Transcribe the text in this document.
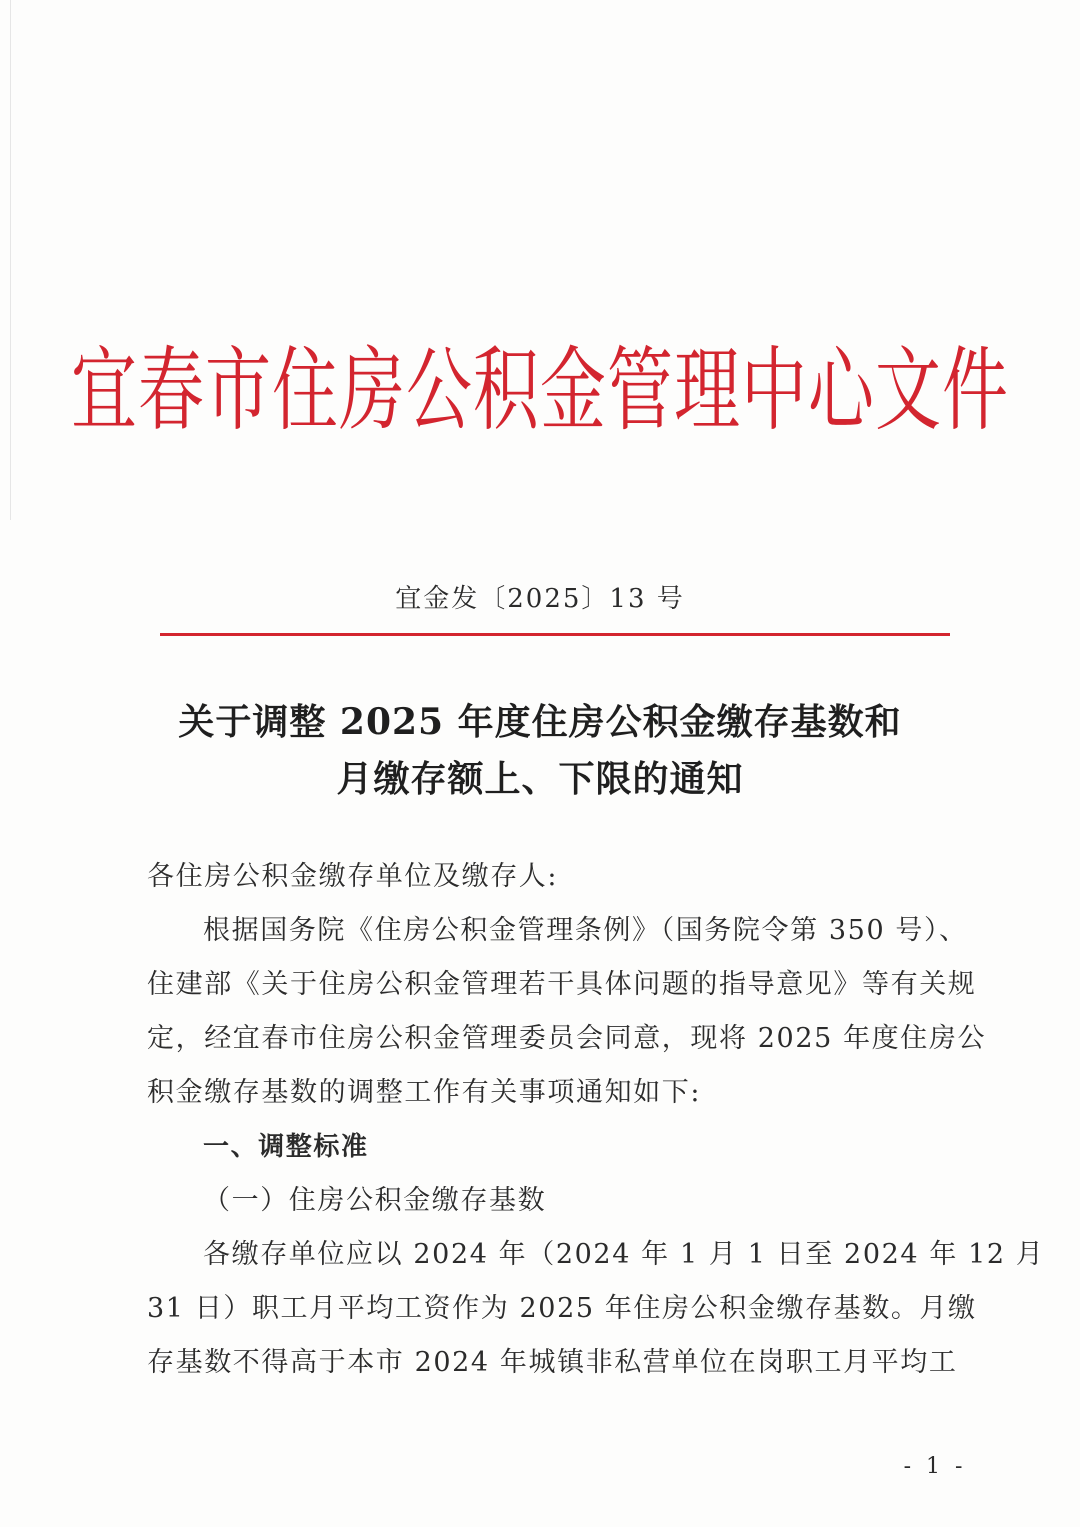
宜春市住房公积金管理中心文件
宜金发〔2025〕13 号
关于调整 2025 年度住房公积金缴存基数和
月缴存额上、下限的通知
各住房公积金缴存单位及缴存人:
根据国务院《住房公积金管理条例》（国务院令第 350 号）、
住建部《关于住房公积金管理若干具体问题的指导意见》等有关规
定，经宜春市住房公积金管理委员会同意，现将 2025 年度住房公
积金缴存基数的调整工作有关事项通知如下:
一、调整标准
（一）住房公积金缴存基数
各缴存单位应以 2024 年（2024 年 1 月 1 日至 2024 年 12 月
31 日）职工月平均工资作为 2025 年住房公积金缴存基数。月缴
存基数不得高于本市 2024 年城镇非私营单位在岗职工月平均工
- 1 -
